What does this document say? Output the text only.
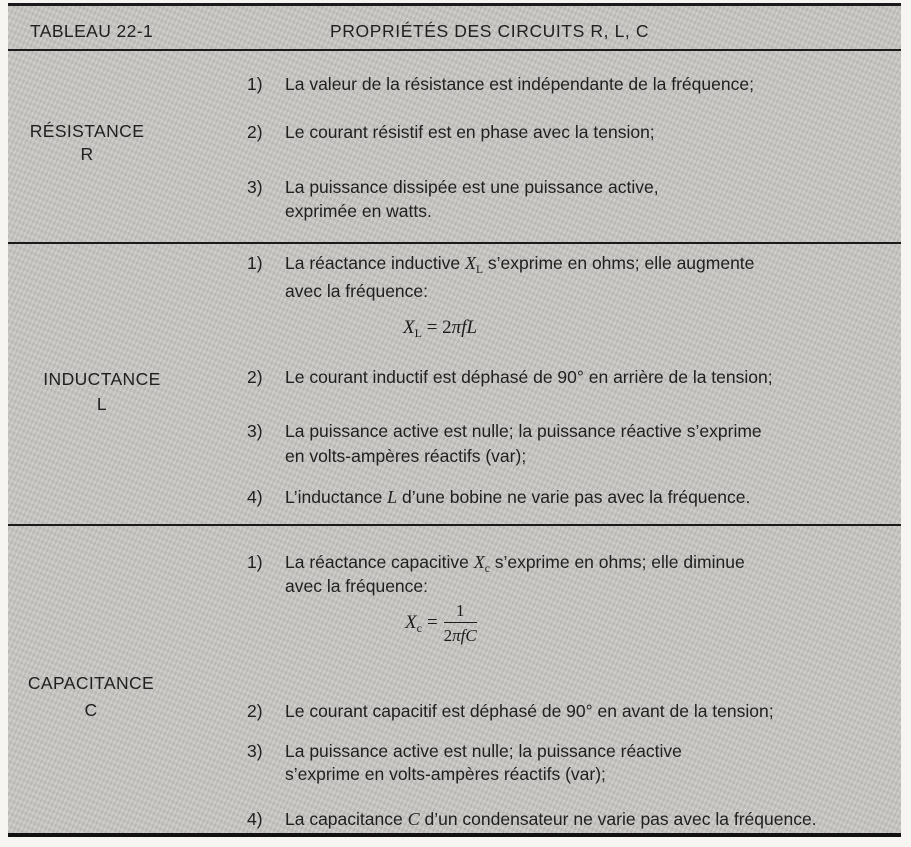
TABLEAU 22-1	PROPRIÉTÉS DES CIRCUITS R, L, C
RÉSISTANCE
R
1) La valeur de la résistance est indépendante de la fréquence;
2) Le courant résistif est en phase avec la tension;
3) La puissance dissipée est une puissance active,
exprimée en watts.
INDUCTANCE
L
1) La réactance inductive $X_L$ s’exprime en ohms; elle augmente
avec la fréquence:
$X_L = 2\pi fL$
2) Le courant inductif est déphasé de 90° en arrière de la tension;
3) La puissance active est nulle; la puissance réactive s’exprime
en volts-ampères réactifs (var);
4) L’inductance L d’une bobine ne varie pas avec la fréquence.
CAPACITANCE
C
1) La réactance capacitive $X_c$ s’exprime en ohms; elle diminue
avec la fréquence:
$X_c = \frac{1}{\text{2πfC}}$
2) Le courant capacitif est déphasé de 90° en avant de la tension;
3) La puissance active est nulle; la puissance réactive
s’exprime en volts-ampères réactifs (var);
4) La capacitance C d’un condensateur ne varie pas avec la fréquence.
